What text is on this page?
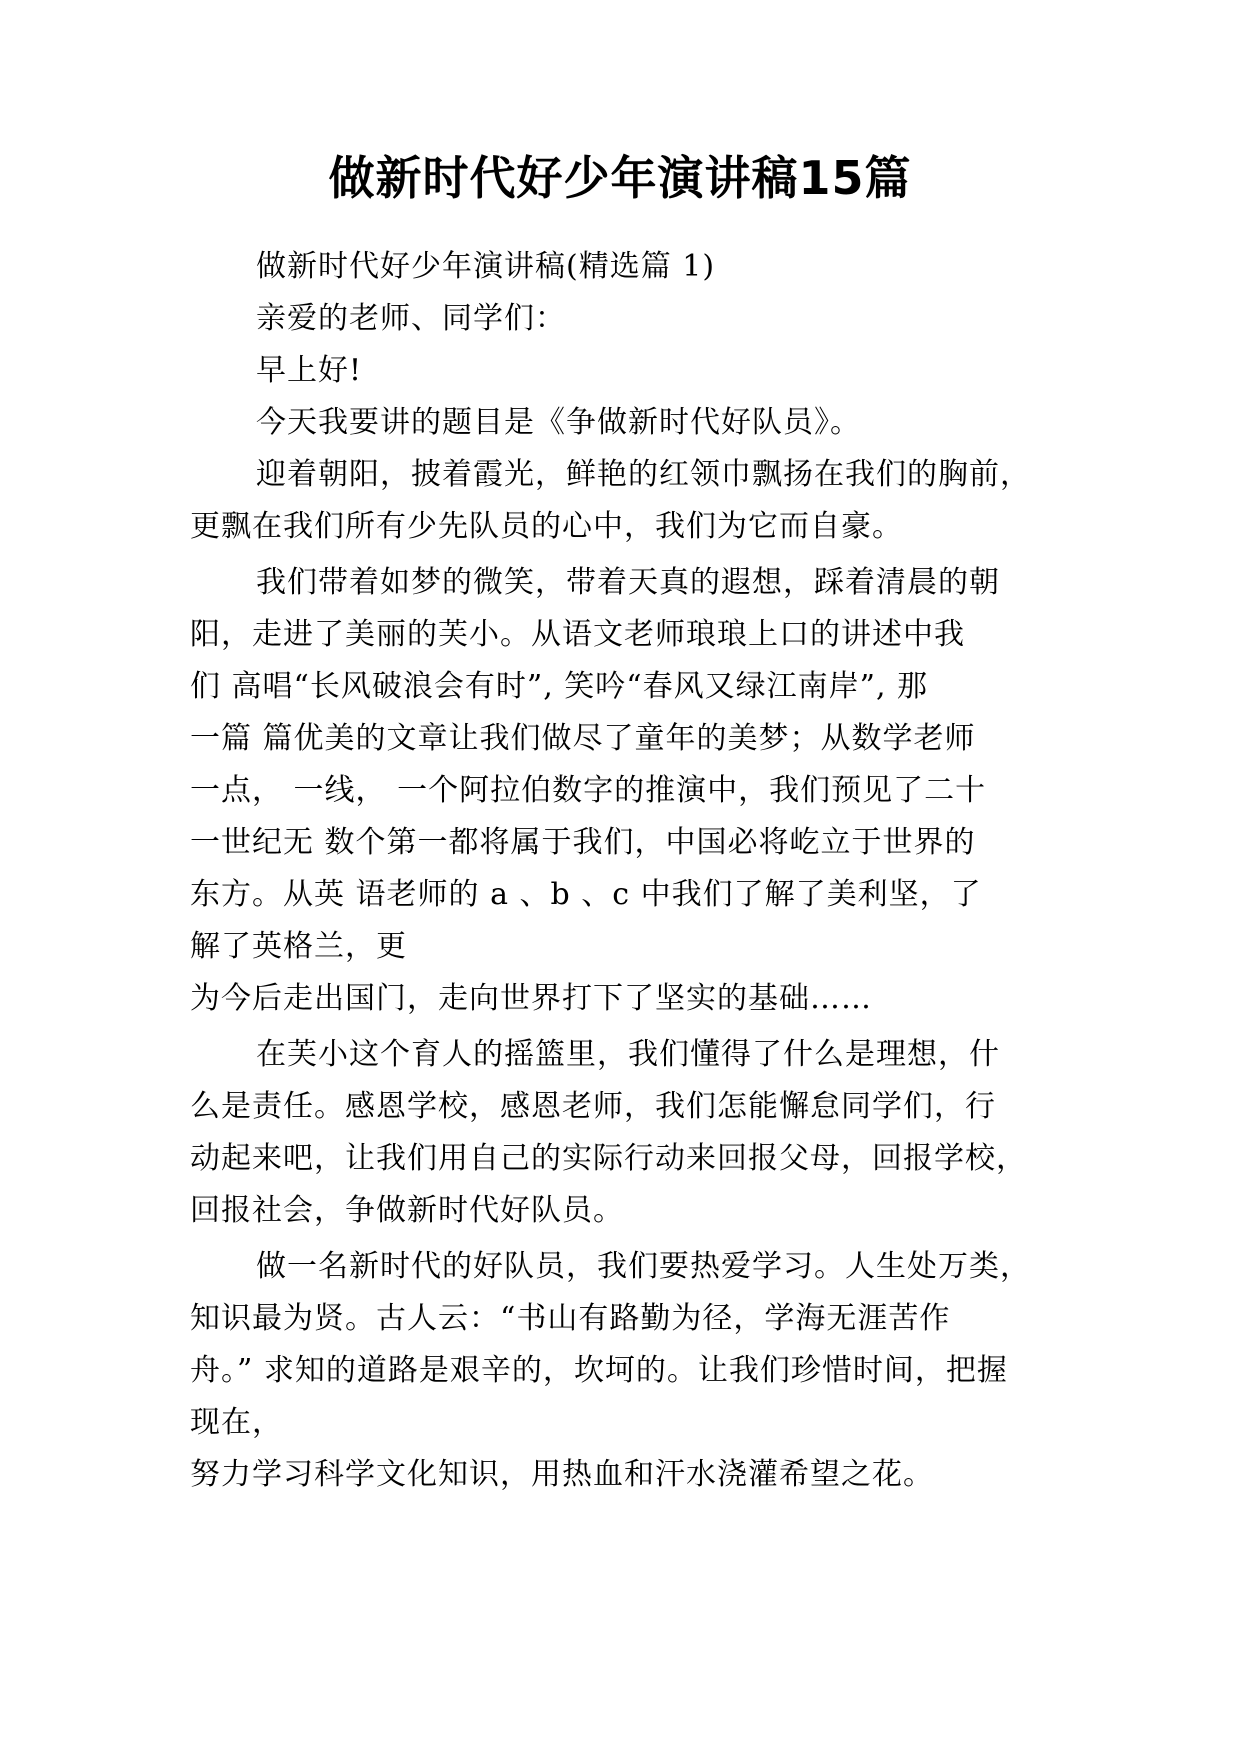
做新时代好少年演讲稿15篇
做新时代好少年演讲稿(精选篇 1)
亲爱的老师、同学们：
早上好!
今天我要讲的题目是《争做新时代好队员》。
迎着朝阳，披着霞光，鲜艳的红领巾飘扬在我们的胸前，
更飘在我们所有少先队员的心中，我们为它而自豪。
我们带着如梦的微笑，带着天真的遐想，踩着清晨的朝
阳，走进了美丽的芙小。从语文老师琅琅上口的讲述中我
们 高唱“长风破浪会有时”, 笑吟“春风又绿江南岸”, 那
一篇 篇优美的文章让我们做尽了童年的美梦；从数学老师
一点， 一线， 一个阿拉伯数字的推演中，我们预见了二十
一世纪无 数个第一都将属于我们，中国必将屹立于世界的
东方。从英 语老师的 a 、b 、c 中我们了解了美利坚，了
解了英格兰，更
为今后走出国门，走向世界打下了坚实的基础……
在芙小这个育人的摇篮里，我们懂得了什么是理想，什
么是责任。感恩学校，感恩老师，我们怎能懈怠同学们，行
动起来吧，让我们用自己的实际行动来回报父母，回报学校，
回报社会，争做新时代好队员。
做一名新时代的好队员，我们要热爱学习。人生处万类，
知识最为贤。古人云：“书山有路勤为径，学海无涯苦作
舟。” 求知的道路是艰辛的，坎坷的。让我们珍惜时间，把握
现在，
努力学习科学文化知识，用热血和汗水浇灌希望之花。
